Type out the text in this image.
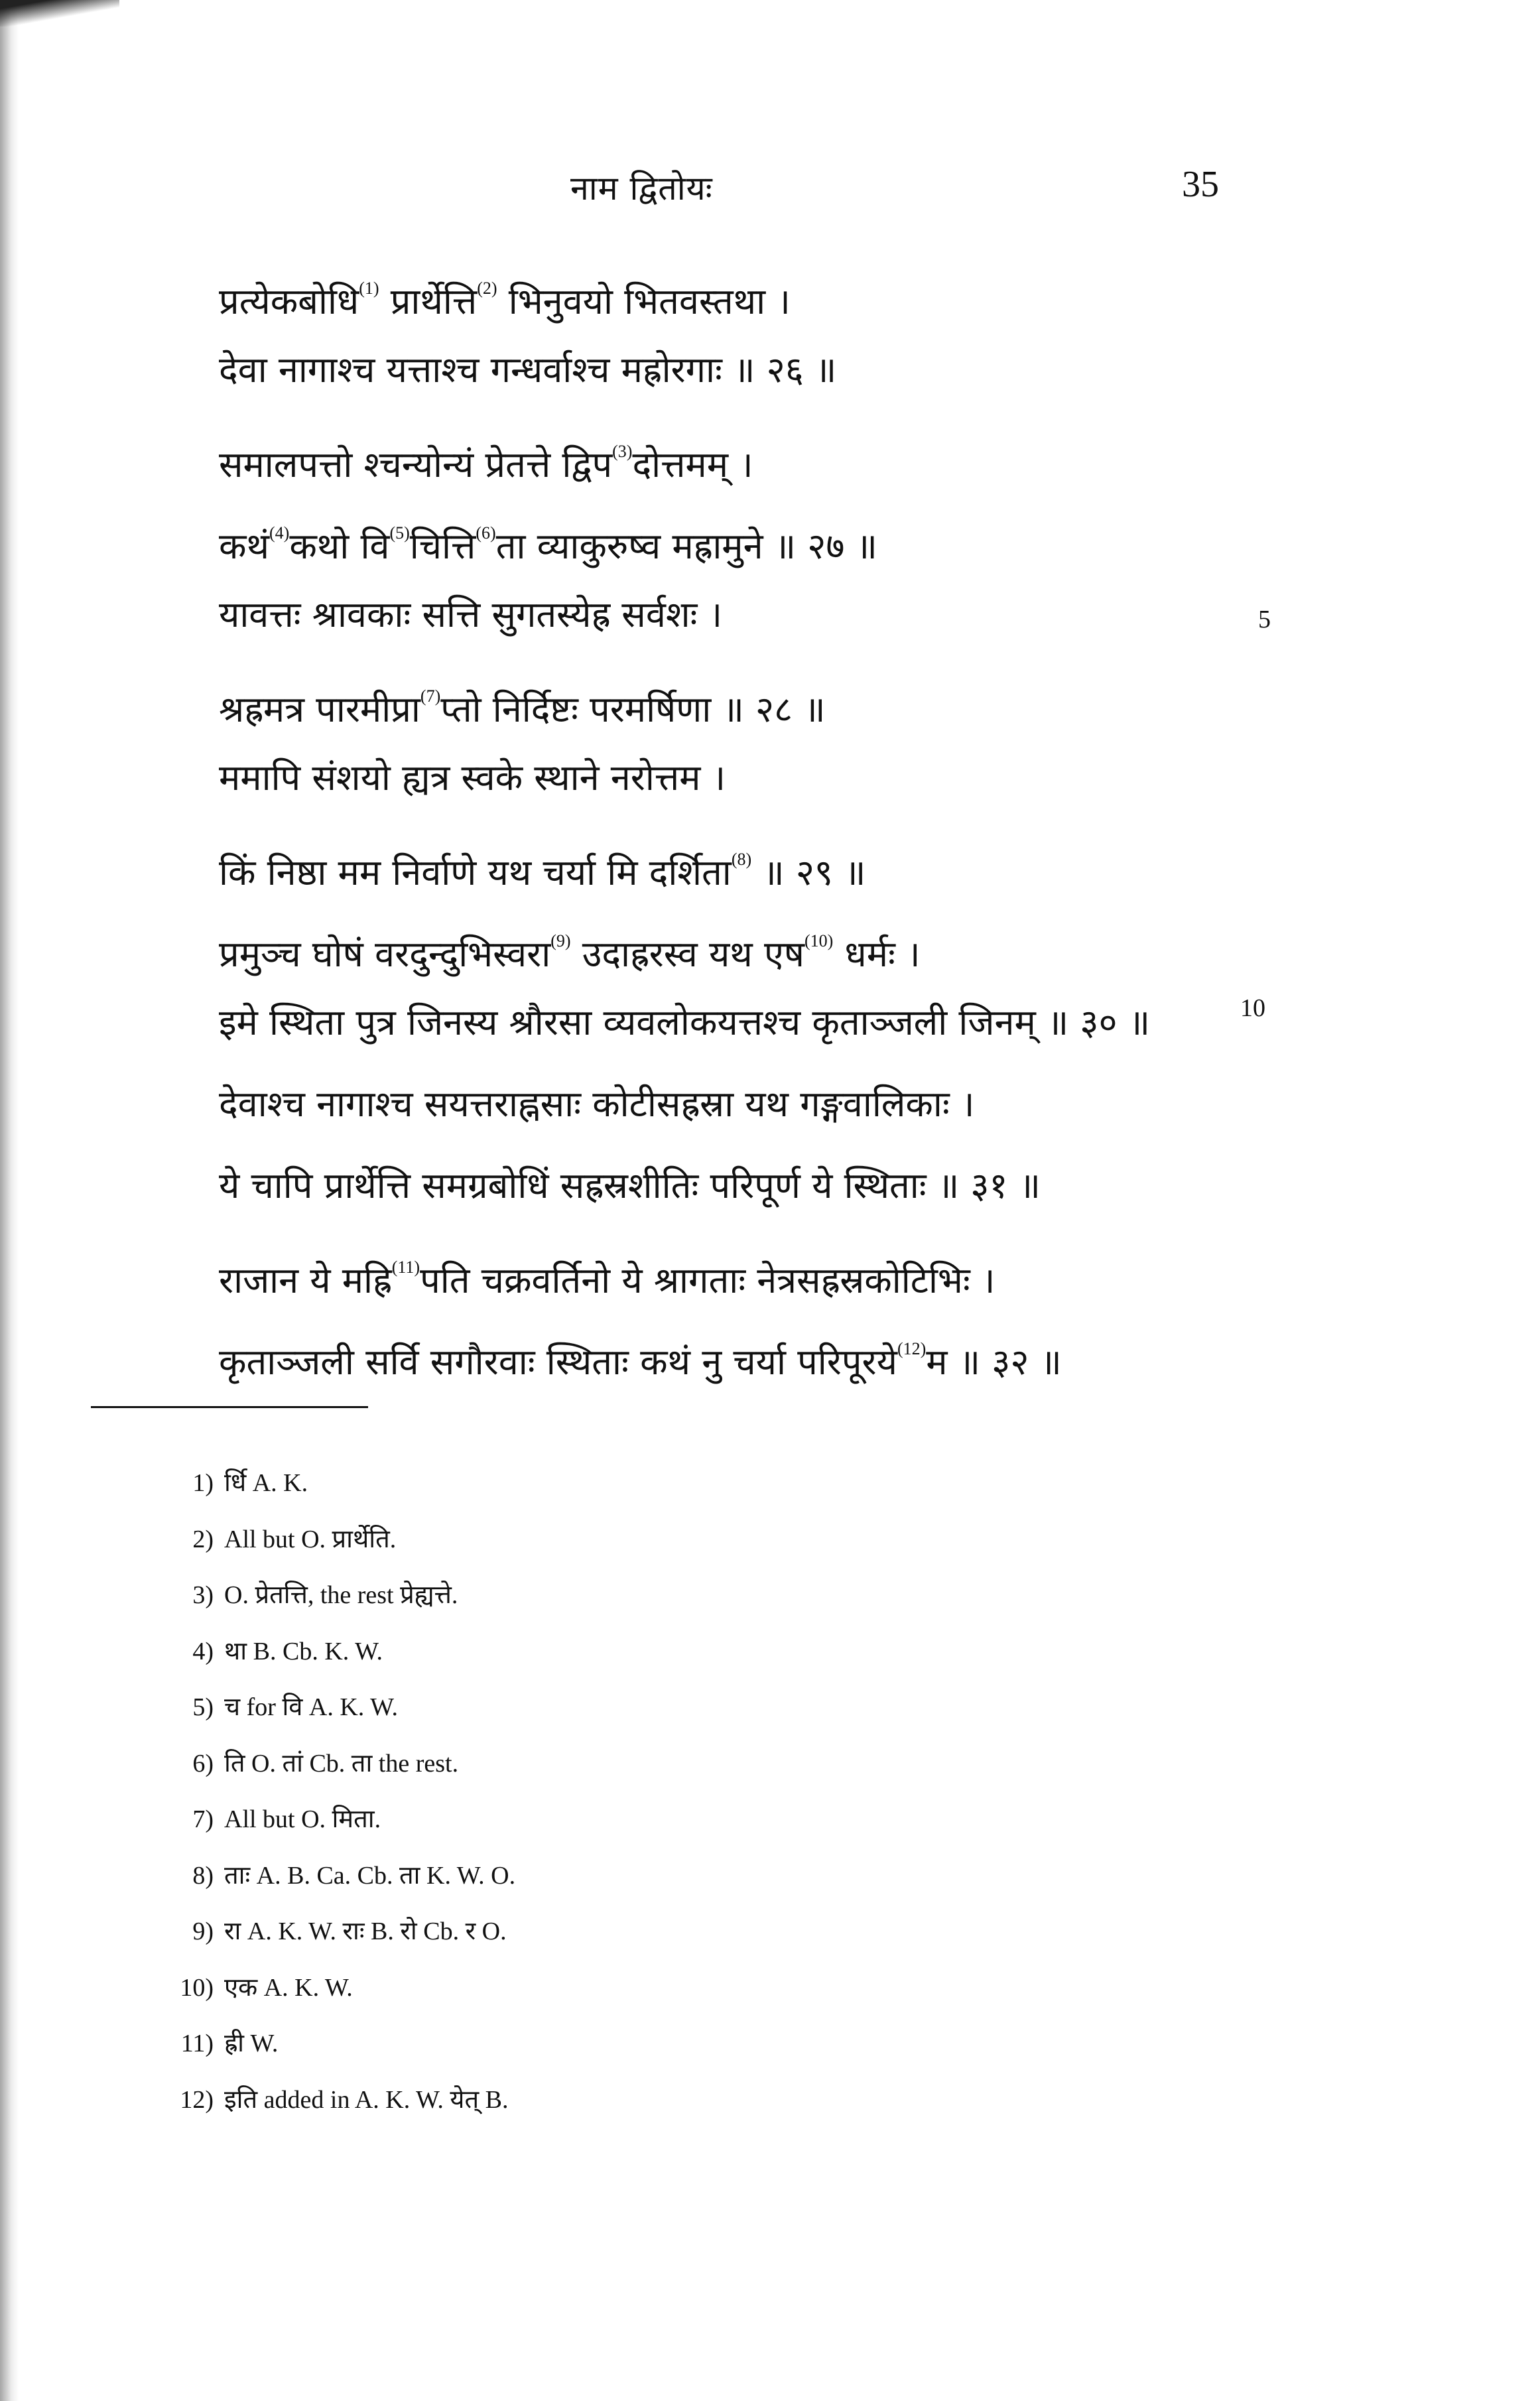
नाम द्वितोयः	35
5
10
प्रत्येकबोधि$^{(1)}$ प्रार्थेत्ति$^{(2)}$ भिनुवयो भितवस्तथा ।
देवा नागाश्च यत्ताश्च गन्धर्वाश्च मह्रोरगाः ॥ २६ ॥
समालपत्तो श्चन्योन्यं प्रेतत्ते द्विप$^{(3)}$दोत्तमम् ।
कथं$^{(4)}$कथो वि$^{(5)}$चित्ति$^{(6)}$ता व्याकुरुष्व मह्रामुने ॥ २७ ॥
यावत्तः श्रावकाः सत्ति सुगतस्येह्र सर्वशः ।
श्रह्रमत्र पारमीप्रा$^{(7)}$प्तो निर्दिष्टः परमर्षिणा ॥ २८ ॥
ममापि संशयो ह्यत्र स्वके स्थाने नरोत्तम ।
किं निष्ठा मम निर्वाणे यथ चर्या मि दर्शिता$^{(8)}$ ॥ २९ ॥
प्रमुञ्च घोषं वरदुन्दुभिस्वरा$^{(9)}$ उदाह्ररस्व यथ एष$^{(10)}$ धर्मः ।
इमे स्थिता पुत्र जिनस्य श्रौरसा व्यवलोकयत्तश्च कृताञ्जली जिनम् ॥ ३० ॥
देवाश्च नागाश्च सयत्तराह्नसाः कोटीसह्रस्रा यथ गङ्गवालिकाः ।
ये चापि प्रार्थेत्ति समग्रबोधिं सह्रस्रशीतिः परिपूर्ण ये स्थिताः ॥ ३१ ॥
राजान ये मह्रि$^{(11)}$पति चक्रवर्तिनो ये श्रागताः नेत्रसह्रस्रकोटिभिः ।
कृताञ्जली सर्वि सगौरवाः स्थिताः कथं नु चर्या परिपूरये$^{(12)}$म ॥ ३२ ॥
1) र्धि A. K.
2) All but O. प्रार्थेति.
3) O. प्रेतत्ति, the rest प्रेह्यत्ते.
4) था B. Cb. K. W.
5) च for वि A. K. W.
6) ति O. तां Cb. ता the rest.
7) All but O. मिता.
8) ताः A. B. Ca. Cb. ता K. W. O.
9) रा A. K. W. राः B. रो Cb. र O.
10) एक A. K. W.
11) ह्री W.
12) इति added in A. K. W. येत् B.
